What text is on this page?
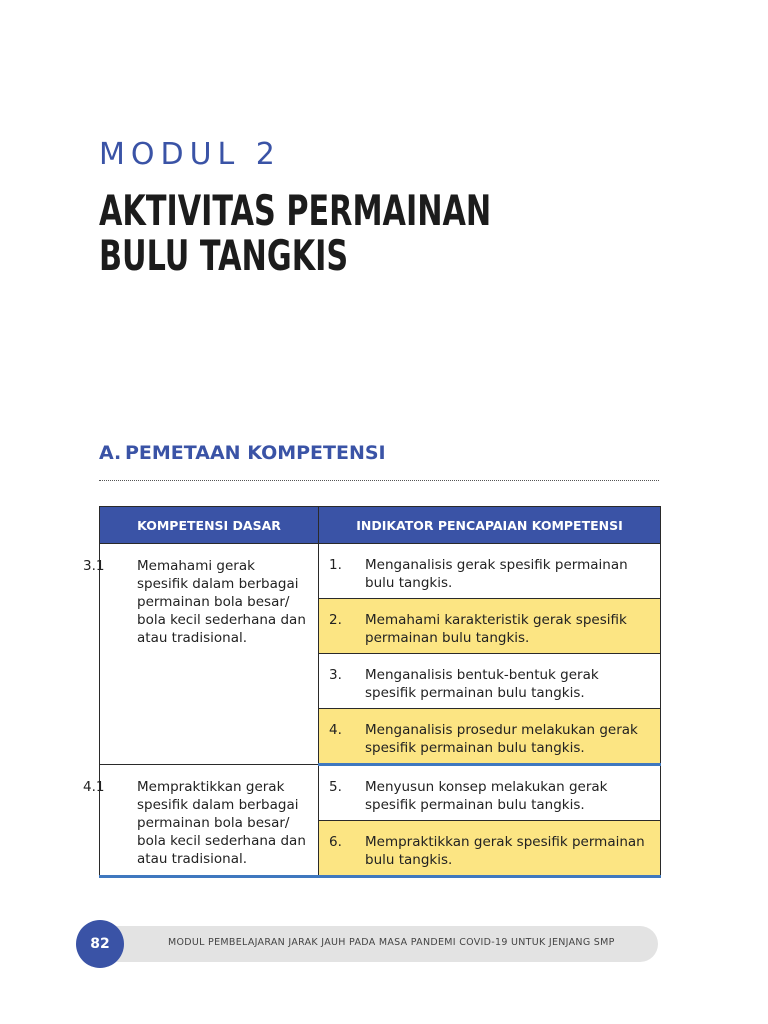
MODUL 2
AKTIVITAS PERMAINAN
BULU TANGKIS
A. PEMETAAN KOMPETENSI
KOMPETENSI DASAR	INDIKATOR PENCAPAIAN KOMPETENSI

3.1 Memahami gerak spesifik dalam berbagai permainan bola besar/ bola kecil sederhana dan atau tradisional.	1. Menganalisis gerak spesifik permainan bulu tangkis.

	2. Memahami karakteristik gerak spesifik permainan bulu tangkis.

	3. Menganalisis bentuk-bentuk gerak spesifik permainan bulu tangkis.

	4. Menganalisis prosedur melakukan gerak spesifik permainan bulu tangkis.

4.1 Mempraktikkan gerak spesifik dalam berbagai permainan bola besar/ bola kecil sederhana dan atau tradisional.	5. Menyusun konsep melakukan gerak spesifik permainan bulu tangkis.

	6. Mempraktikkan gerak spesifik permainan bulu tangkis.
MODUL PEMBELAJARAN JARAK JAUH PADA MASA PANDEMI COVID-19 UNTUK JENJANG SMP
82
